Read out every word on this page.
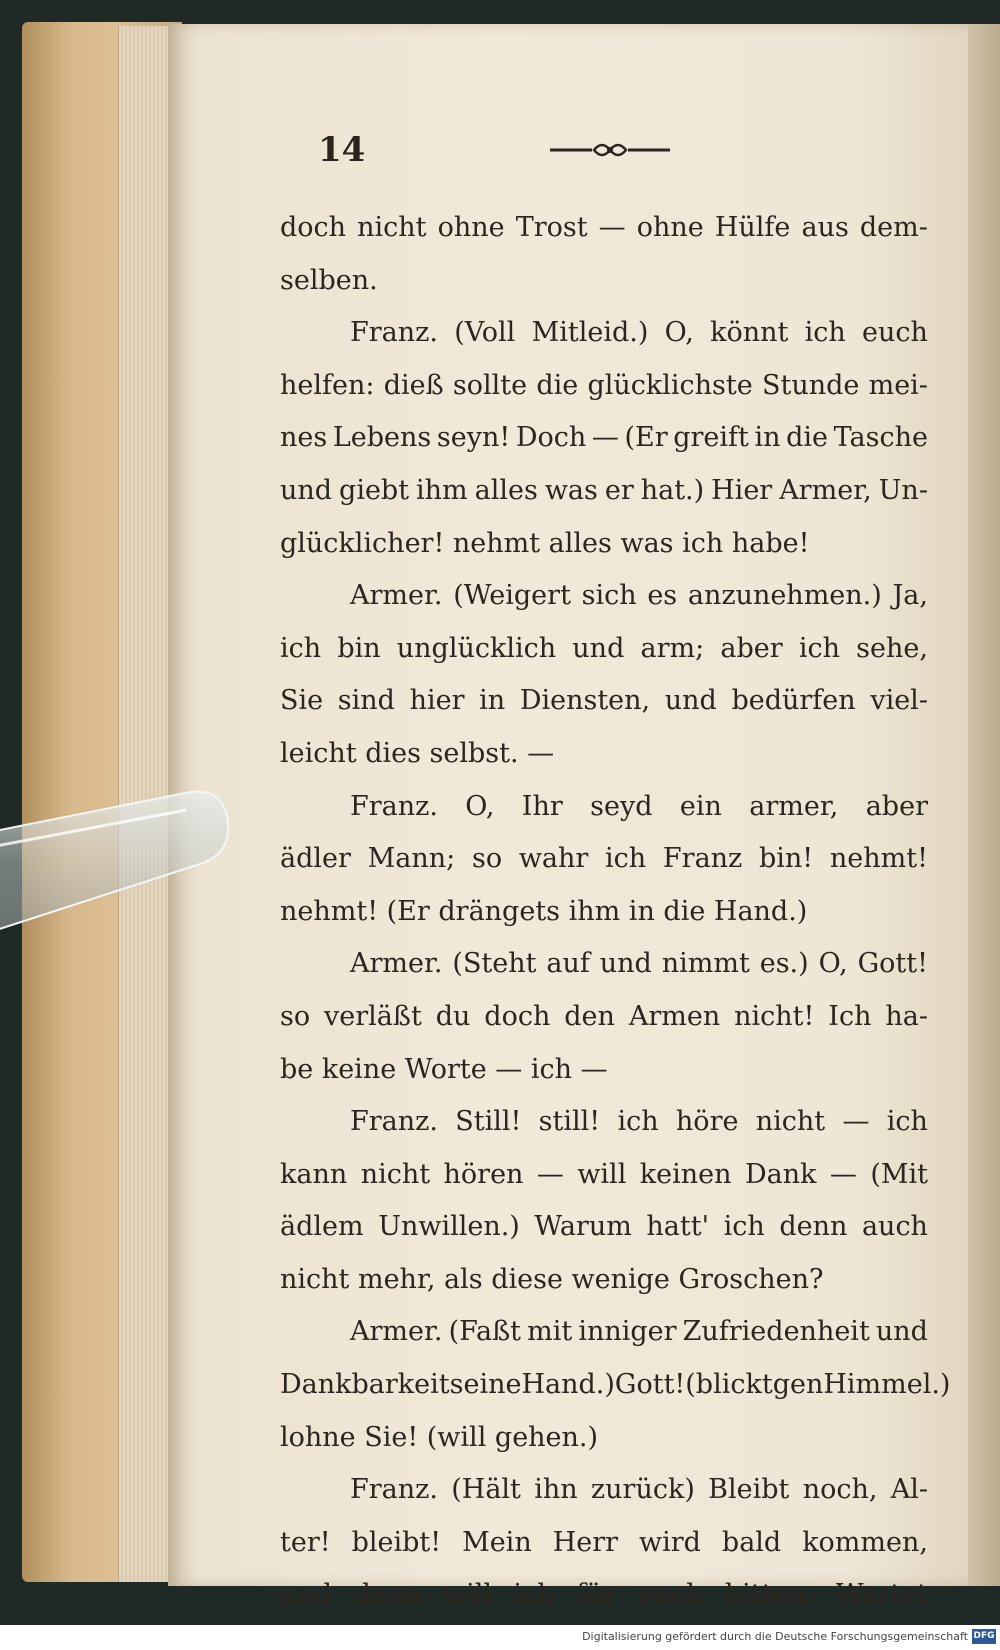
14
doch nicht ohne Trost — ohne Hülfe aus dem-
selben.
Franz. (Voll Mitleid.) O, könnt ich euch
helfen: dieß sollte die glücklichste Stunde mei-
nes Lebens seyn! Doch — (Er greift in die Tasche
und giebt ihm alles was er hat.) Hier Armer, Un-
glücklicher! nehmt alles was ich habe!
Armer. (Weigert sich es anzunehmen.) Ja,
ich bin unglücklich und arm; aber ich sehe,
Sie sind hier in Diensten, und bedürfen viel-
leicht dies selbst. —
Franz. O, Ihr seyd ein armer, aber
ädler Mann; so wahr ich Franz bin! nehmt!
nehmt! (Er drängets ihm in die Hand.)
Armer. (Steht auf und nimmt es.) O, Gott!
so verläßt du doch den Armen nicht! Ich ha-
be keine Worte — ich —
Franz. Still! still! ich höre nicht — ich
kann nicht hören — will keinen Dank — (Mit
ädlem Unwillen.) Warum hatt' ich denn auch
nicht mehr, als diese wenige Groschen?
Armer. (Faßt mit inniger Zufriedenheit und
Dankbarkeit seine Hand.) Gott! (blickt gen Himmel.)
lohne Sie! (will gehen.)
Franz. (Hält ihn zurück) Bleibt noch, Al-
ter! bleibt! Mein Herr wird bald kommen,
und dann will ich für euch bitten. Wartet
Digitalisierung gefördert durch die Deutsche Forschungsgemeinschaft DFG
